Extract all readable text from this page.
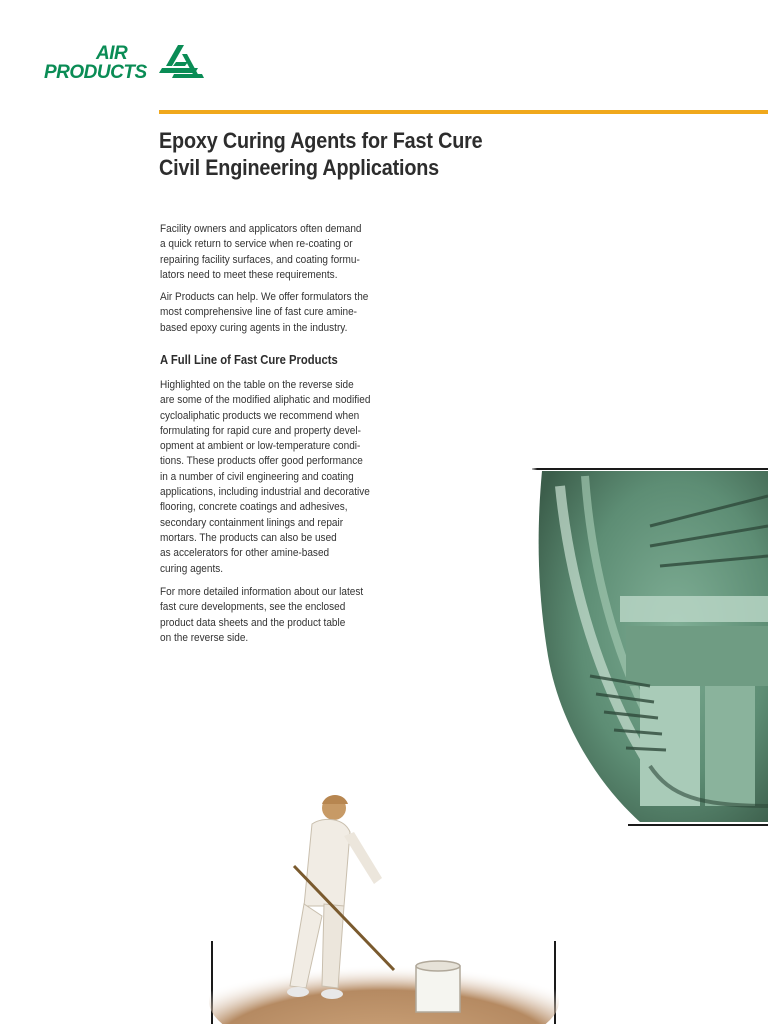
AIR
PRODUCTS
Epoxy Curing Agents for Fast Cure
Civil Engineering Applications
Facility owners and applicators often demand
a quick return to service when re-coating or
repairing facility surfaces, and coating formu-
lators need to meet these requirements.
Air Products can help. We offer formulators the
most comprehensive line of fast cure amine-
based epoxy curing agents in the industry.
A Full Line of Fast Cure Products
Highlighted on the table on the reverse side
are some of the modified aliphatic and modified
cycloaliphatic products we recommend when
formulating for rapid cure and property devel-
opment at ambient or low-temperature condi-
tions. These products offer good performance
in a number of civil engineering and coating
applications, including industrial and decorative
flooring, concrete coatings and adhesives,
secondary containment linings and repair
mortars. The products can also be used
as accelerators for other amine-based
curing agents.
For more detailed information about our latest
fast cure developments, see the enclosed
product data sheets and the product table
on the reverse side.
